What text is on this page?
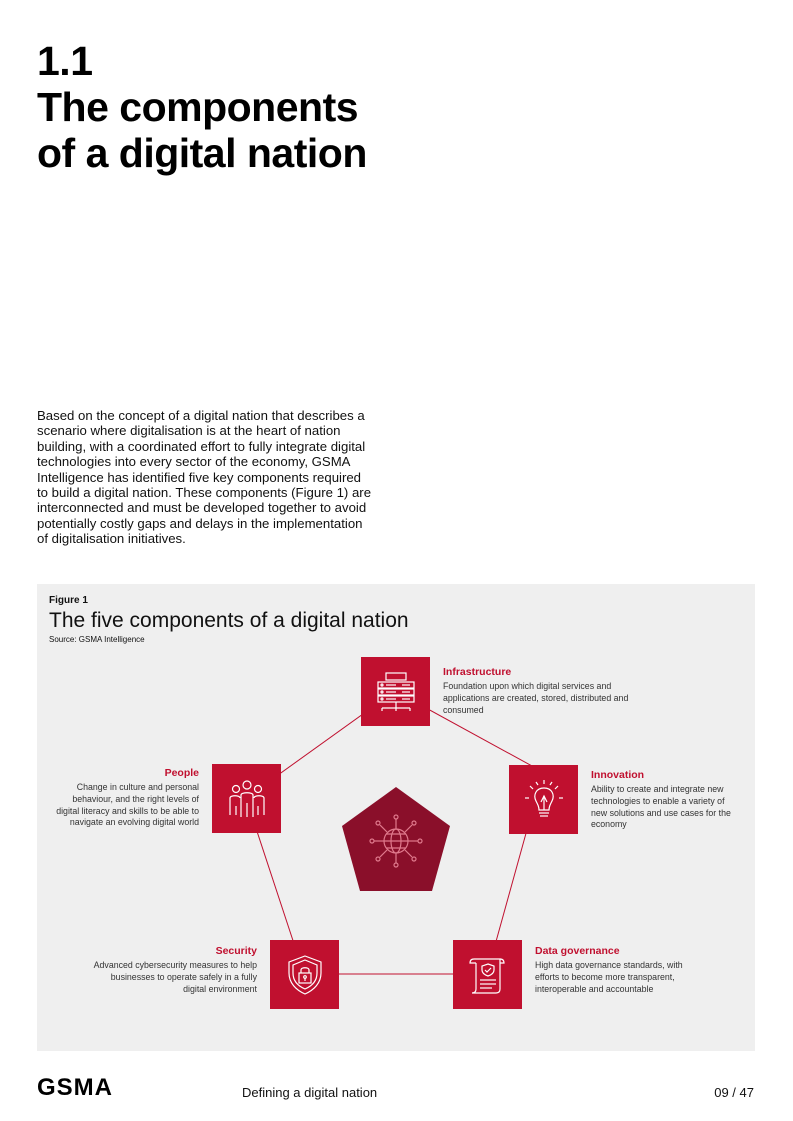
1.1
The components
of a digital nation

Based on the concept of a digital nation that describes a scenario where digitalisation is at the heart of nation building, with a coordinated effort to fully integrate digital technologies into every sector of the economy, GSMA Intelligence has identified five key components required to build a digital nation. These components (Figure 1) are interconnected and must be developed together to avoid potentially costly gaps and delays in the implementation of digitalisation initiatives.

Figure 1
The five components of a digital nation
Source: GSMA Intelligence
Infrastructure
Foundation upon which digital services and applications are created, stored, distributed and consumed
Innovation
Ability to create and integrate new technologies to enable a variety of new solutions and use cases for the economy
Data governance
High data governance standards, with efforts to become more transparent, interoperable and accountable
Security
Advanced cybersecurity measures to help businesses to operate safely in a fully digital environment
People
Change in culture and personal behaviour, and the right levels of digital literacy and skills to be able to navigate an evolving digital world
GSMA	Defining a digital nation	09 / 47
